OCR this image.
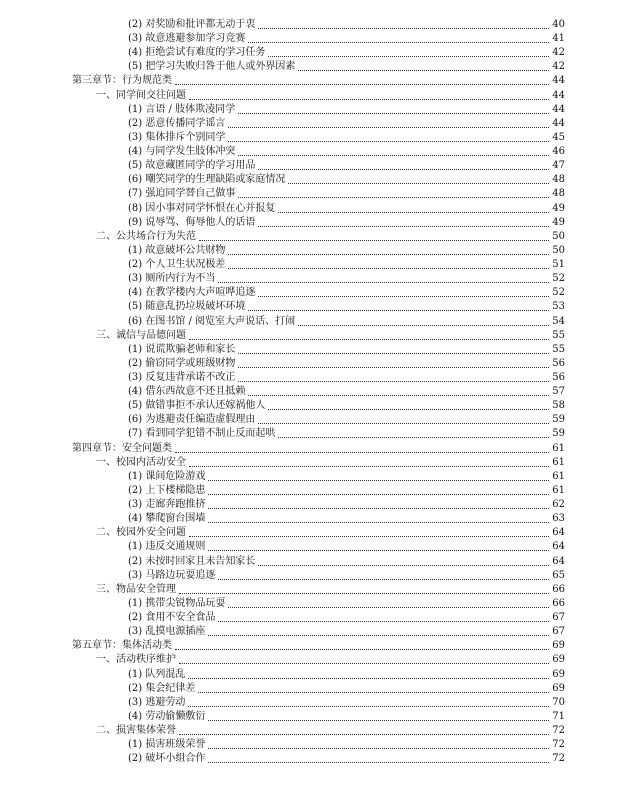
(2) 对奖励和批评都无动于衷	40
(3) 故意逃避参加学习竞赛	41
(4) 拒绝尝试有难度的学习任务	42
(5) 把学习失败归咎于他人或外界因素	42
第三章节：行为规范类	44
一、同学间交往问题	44
(1) 言语 / 肢体欺凌同学	44
(2) 恶意传播同学谣言	44
(3) 集体排斥个别同学	45
(4) 与同学发生肢体冲突	46
(5) 故意藏匿同学的学习用品	47
(6) 嘲笑同学的生理缺陷或家庭情况	48
(7) 强迫同学替自己做事	48
(8) 因小事对同学怀恨在心并报复	49
(9) 说辱骂、侮辱他人的话语	49
二、公共场合行为失范	50
(1) 故意破坏公共财物	50
(2) 个人卫生状况极差	51
(3) 厕所内行为不当	52
(4) 在教学楼内大声喧哗追逐	52
(5) 随意乱扔垃圾破坏环境	53
(6) 在图书馆 / 阅览室大声说话、打闹	54
三、诚信与品德问题	55
(1) 说谎欺骗老师和家长	55
(2) 偷窃同学或班级财物	56
(3) 反复违背承诺不改正	56
(4) 借东西故意不还且抵赖	57
(5) 做错事拒不承认还嫁祸他人	58
(6) 为逃避责任编造虚假理由	59
(7) 看到同学犯错不制止反而起哄	59
第四章节：安全问题类	61
一、校园内活动安全	61
(1) 课间危险游戏	61
(2) 上下楼梯隐患	61
(3) 走廊奔跑推挤	62
(4) 攀爬窗台围墙	63
二、校园外安全问题	64
(1) 违反交通规则	64
(2) 未按时回家且未告知家长	64
(3) 马路边玩耍追逐	65
三、物品安全管理	66
(1) 携带尖锐物品玩耍	66
(2) 食用不安全食品	67
(3) 乱摸电源插座	67
第五章节：集体活动类	69
一、活动秩序维护	69
(1) 队列混乱	69
(2) 集会纪律差	69
(3) 逃避劳动	70
(4) 劳动偷懒敷衍	71
二、损害集体荣誉	72
(1) 损害班级荣誉	72
(2) 破坏小组合作	72
